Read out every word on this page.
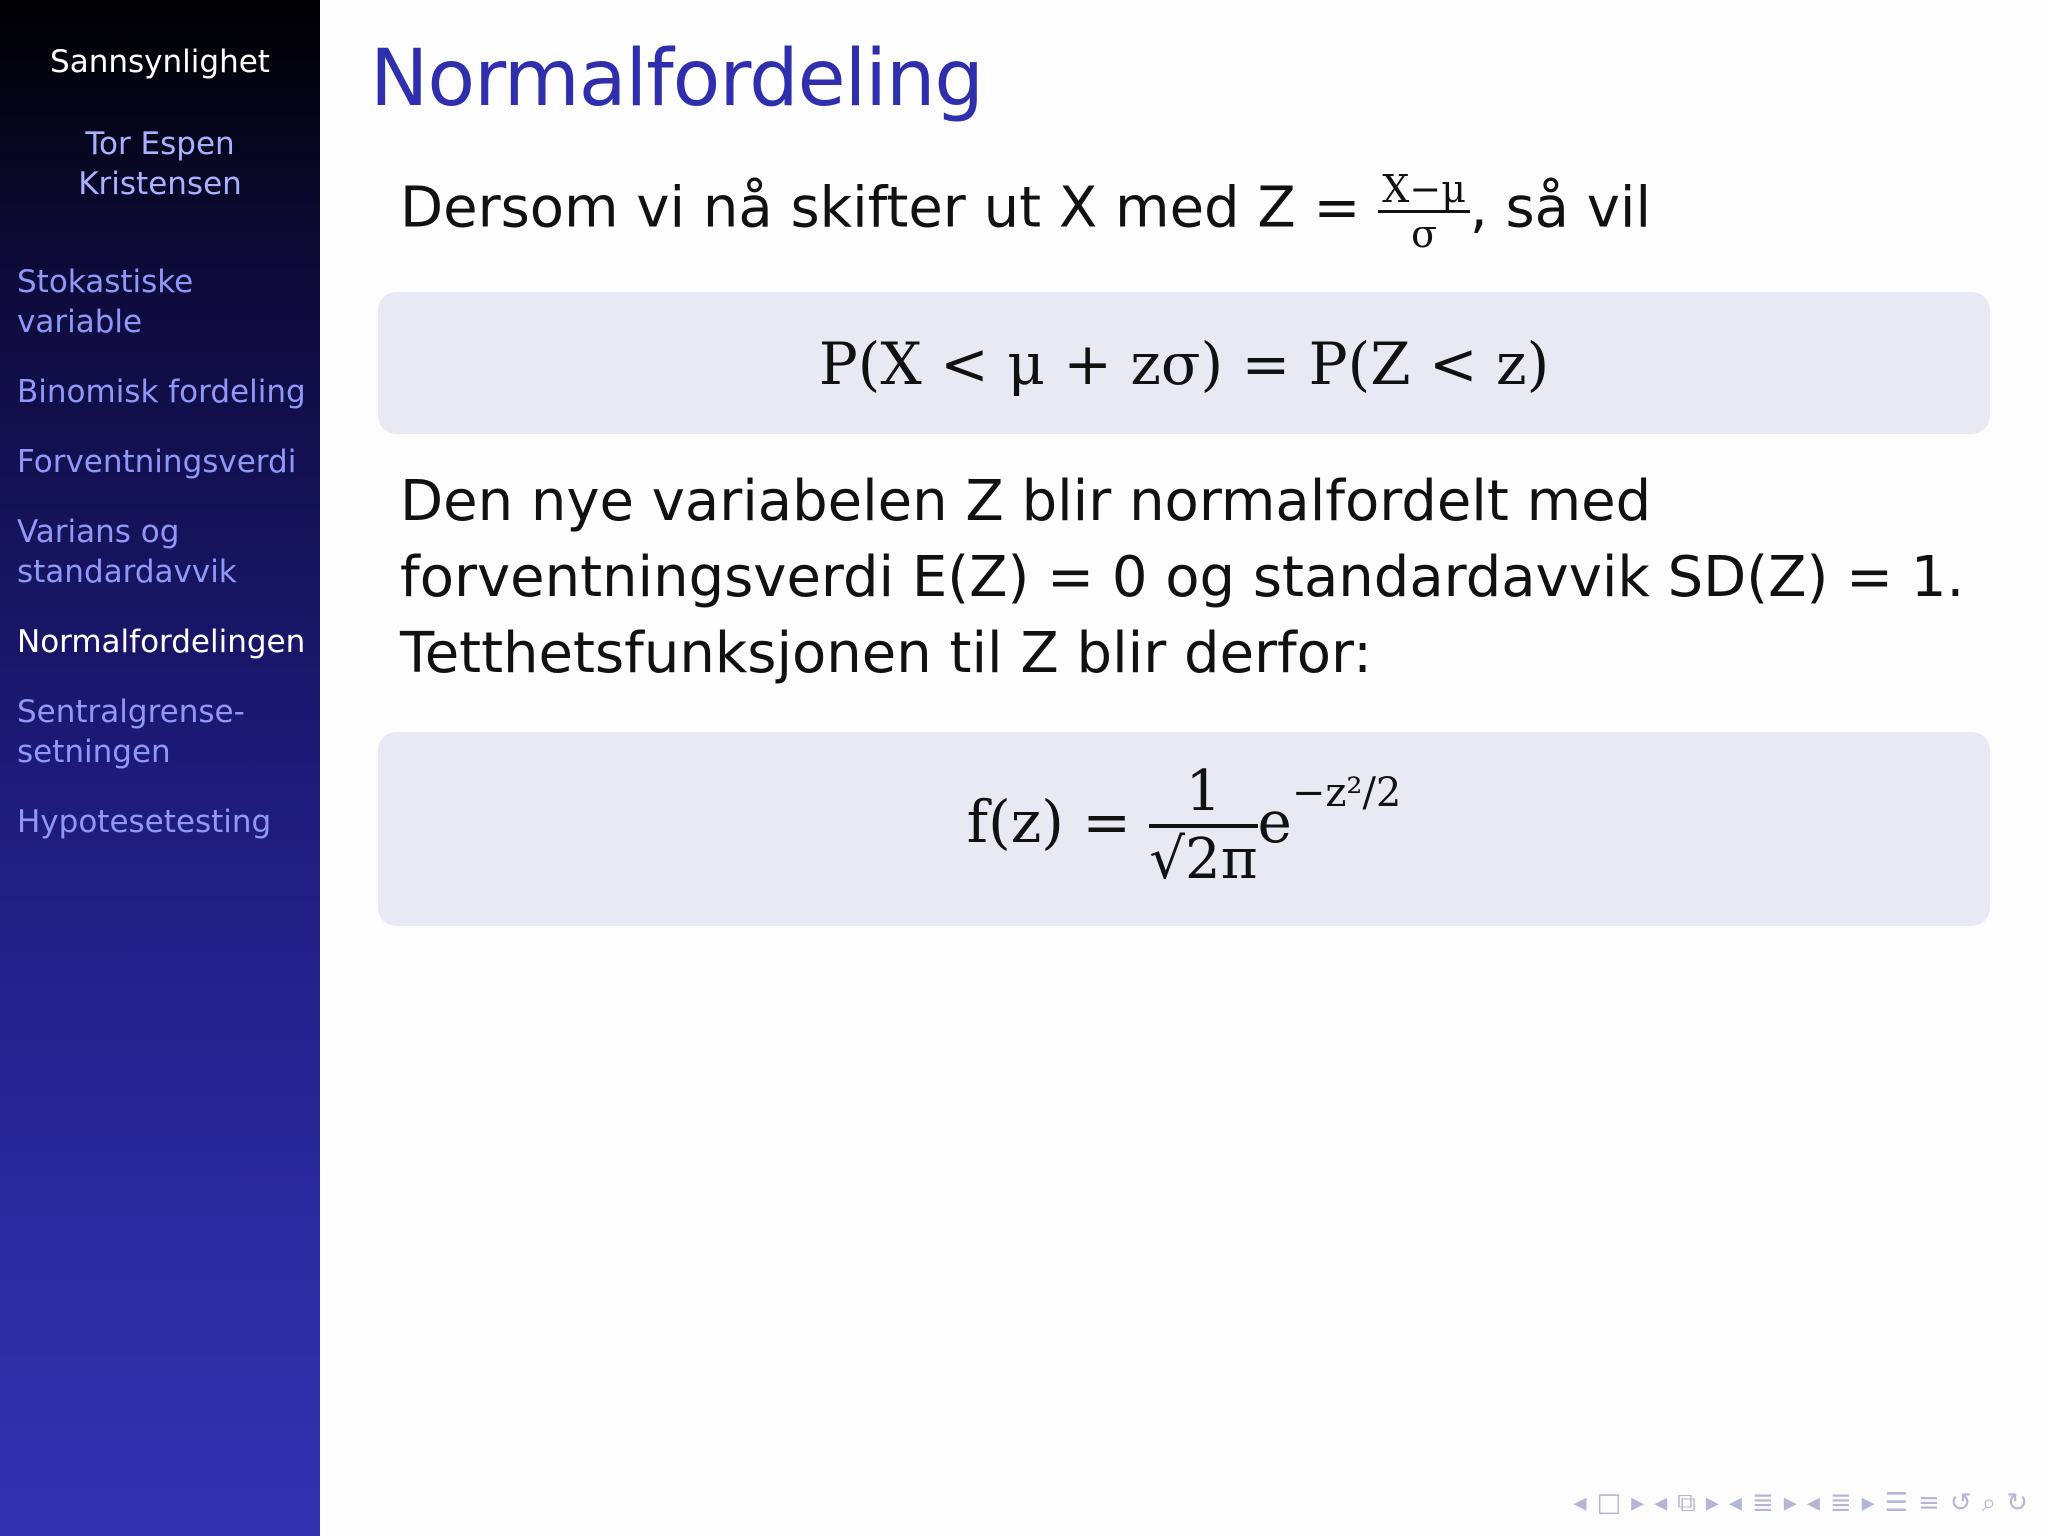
Sannsynlighet
Tor Espen
Kristensen
Stokastiske variable
Binomisk fordeling
Forventningsverdi
Varians og standardavvik
Normalfordelingen
Sentralgrense-setningen
Hypotesetesting
Normalfordeling
Dersom vi nå skifter ut X med $Z = \frac{X-\mu}{\sigma}$ , så vil
P(X < μ + zσ) = P(Z < z)
Den nye variabelen Z blir normalfordelt med
forventningsverdi E(Z) = 0 og standardavvik SD(Z) = 1.
Tetthetsfunksjonen til Z blir derfor:
$f(z) = \frac{1}{√2\pi} e^{-z^2/2}$
◂ □ ▸ ◂ ⧉ ▸ ◂ ≣ ▸ ◂ ≣ ▸ ☰ ≡ ↺ ⌕ ↻
